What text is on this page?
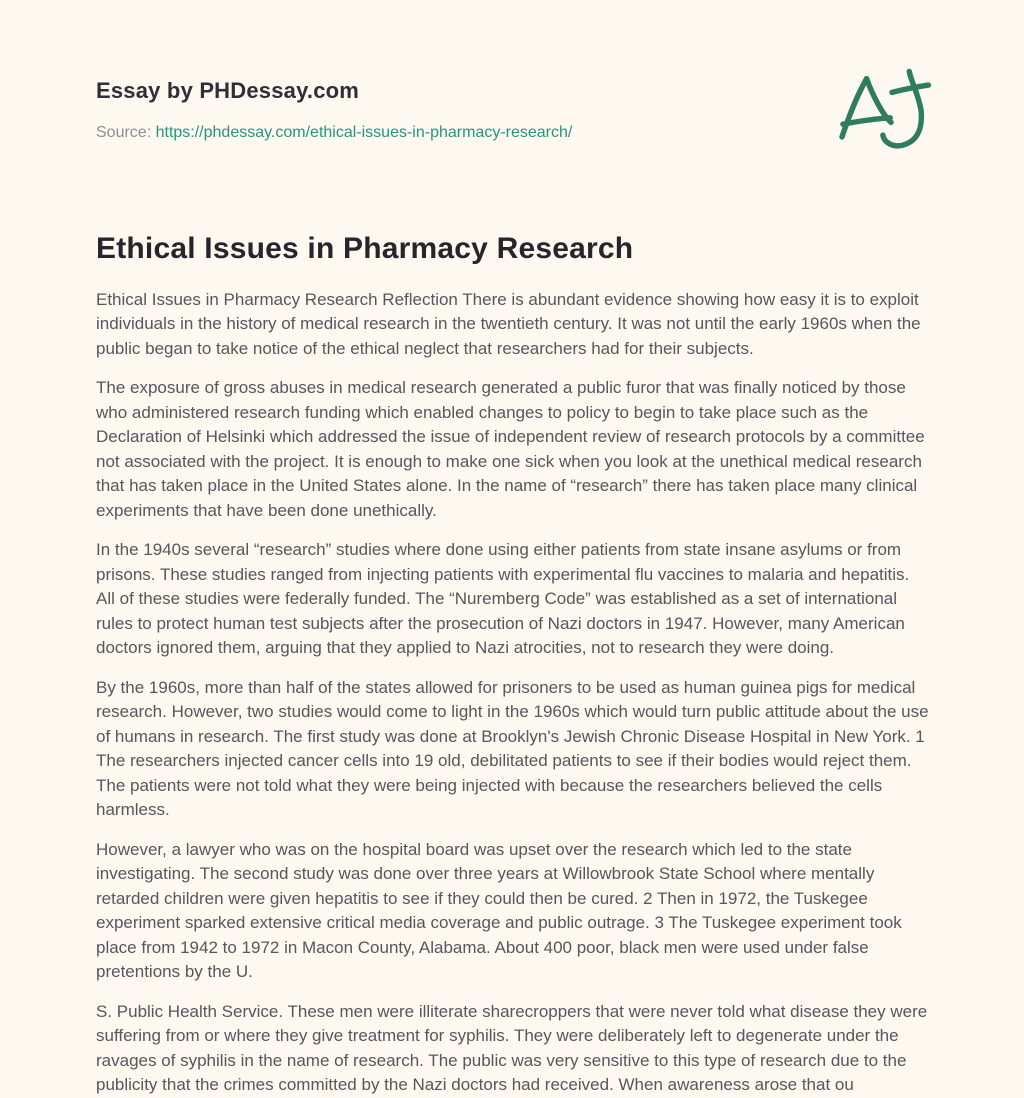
Essay by PHDessay.com
Source: https://phdessay.com/ethical-issues-in-pharmacy-research/
Ethical Issues in Pharmacy Research

Ethical Issues in Pharmacy Research Reflection There is abundant evidence showing how easy it is to exploit individuals in the history of medical research in the twentieth century. It was not until the early 1960s when the public began to take notice of the ethical neglect that researchers had for their subjects.

The exposure of gross abuses in medical research generated a public furor that was finally noticed by those who administered research funding which enabled changes to policy to begin to take place such as the Declaration of Helsinki which addressed the issue of independent review of research protocols by a committee not associated with the project. It is enough to make one sick when you look at the unethical medical research that has taken place in the United States alone. In the name of “research” there has taken place many clinical experiments that have been done unethically.

In the 1940s several “research” studies where done using either patients from state insane asylums or from prisons. These studies ranged from injecting patients with experimental flu vaccines to malaria and hepatitis. All of these studies were federally funded. The “Nuremberg Code” was established as a set of international rules to protect human test subjects after the prosecution of Nazi doctors in 1947. However, many American doctors ignored them, arguing that they applied to Nazi atrocities, not to research they were doing.

By the 1960s, more than half of the states allowed for prisoners to be used as human guinea pigs for medical research. However, two studies would come to light in the 1960s which would turn public attitude about the use of humans in research. The first study was done at Brooklyn's Jewish Chronic Disease Hospital in New York. 1 The researchers injected cancer cells into 19 old, debilitated patients to see if their bodies would reject them. The patients were not told what they were being injected with because the researchers believed the cells harmless.

However, a lawyer who was on the hospital board was upset over the research which led to the state investigating. The second study was done over three years at Willowbrook State School where mentally retarded children were given hepatitis to see if they could then be cured. 2 Then in 1972, the Tuskegee experiment sparked extensive critical media coverage and public outrage. 3 The Tuskegee experiment took place from 1942 to 1972 in Macon County, Alabama. About 400 poor, black men were used under false pretentions by the U.

S. Public Health Service. These men were illiterate sharecroppers that were never told what disease they were suffering from or where they give treatment for syphilis. They were deliberately left to degenerate under the ravages of syphilis in the name of research. The public was very sensitive to this type of research due to the publicity that the crimes committed by the Nazi doctors had received. When awareness arose that ou
